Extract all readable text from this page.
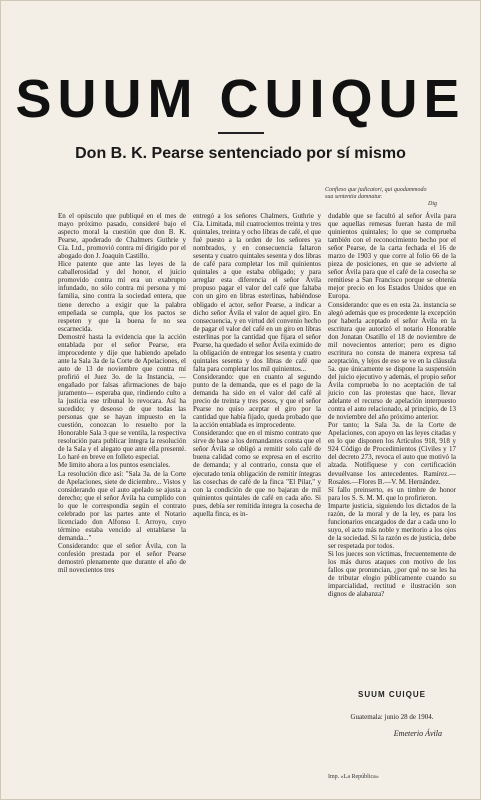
SUUM CUIQUE
Don B. K. Pearse sentenciado por sí mismo
Confieso que judicatori, qui quodammodo
sua sententia damnatur.
Dig

En el opúsculo que publiqué en el mes de mayo próximo pasado, consideré bajo el aspecto moral la cuestión que don B. K. Pearse, apoderado de Chalmers Guthrie y Cía. Ltd., promovió contra mí dirigido por el abogado don J. Joaquín Castillo.

Hice patente que ante las leyes de la caballerosidad y del honor, el juicio promovido contra mí era un exabrupto infundado, no sólo contra mi persona y mi familia, sino contra la sociedad entera, que tiene derecho a exigir que la palabra empeñada se cumpla, que los pactos se respeten y que la buena fe no sea escarnecida.

Demostré hasta la evidencia que la acción entablada por el señor Pearse, era improcedente y dije que habiendo apelado ante la Sala 3a de la Corte de Apelaciones, el auto de 13 de noviembre que contra mí profirió el Juez 3o. de la Instancia, —engañado por falsas afirmaciones de bajo juramento— esperaba que, rindiendo culto a la justicia ese tribunal lo revocara. Así ha sucedido; y deseoso de que todas las personas que se hayan impuesto en la cuestión, conozcan lo resuelto por la Honorable Sala 3 que se ventila, la respectiva resolución para publicar íntegra la resolución de la Sala y el alegato que ante ella presenté. Lo haré en breve en folleto especial.

Me limito ahora a los puntos esenciales.

La resolución dice así: "Sala 3a. de la Corte de Apelaciones, siete de diciembre... Vistos y considerando que el auto apelado se ajusta a derecho; que el señor Ávila ha cumplido con lo que le correspondía según el contrato celebrado por las partes ante el Notario licenciado don Alfonso I. Arroyo, cuyo término estaba vencido al entablarse la demanda..."

Considerando: que el señor Ávila, con la confesión prestada por el señor Pearse demostró plenamente que durante el año de mil novecientos tres

entregó a los señores Chalmers, Guthrie y Cía. Limitada, mil cuatrocientos treinta y tres quintales, treinta y ocho libras de café, el que fué puesto a la orden de los señores ya nombrados, y en consecuencia faltaron sesenta y cuatro quintales sesenta y dos libras de café para completar los mil quinientos quintales a que estaba obligado; y para arreglar esta diferencia el señor Ávila propuso pagar el valor del café que faltaba con un giro en libras esterlinas, habiéndose obligado el actor, señor Pearse, a indicar a dicho señor Ávila el valor de aquel giro. En consecuencia, y en virtud del convenio hecho de pagar el valor del café en un giro en libras esterlinas por la cantidad que fijara el señor Pearse, ha quedado el señor Ávila eximido de la obligación de entregar los sesenta y cuatro quintales sesenta y dos libras de café que falta para completar los mil quinientos...

Considerando: que en cuanto al segundo punto de la demanda, que es el pago de la demanda ha sido en el valor del café al precio de treinta y tres pesos, y que el señor Pearse no quiso aceptar el giro por la cantidad que había fijado, queda probado que la acción entablada es improcedente.

Considerando: que en el mismo contrato que sirve de base a los demandantes consta que el señor Ávila se obligó a remitir solo café de buena calidad como se expresa en el escrito de demanda; y al contrario, consta que el ejecutado tenía obligación de remitir íntegras las cosechas de café de la finca "El Pilar," y con la condición de que no bajaran de mil quinientos quintales de café en cada año. Si pues, debía ser remitida íntegra la cosecha de aquella finca, es in-

dudable que se facultó al señor Ávila para que aquellas remesas fueran hasta de mil quinientos quintales; lo que se comprueba también con el reconocimiento hecho por el señor Pearse, de la carta fechada el 16 de marzo de 1903 y que corre al folio 66 de la pieza de posiciones, en que se advierte al señor Ávila para que el café de la cosecha se remitiese a San Francisco porque se obtenía mejor precio en los Estados Unidos que en Europa.

Considerando: que es en esta 2a. instancia se alegó además que es procedente la excepción por haberla aceptado el señor Ávila en la escritura que autorizó el notario Honorable don Jonatan Osatillo el 18 de noviembre de mil novecientos anterior; pero es digno escritura no consta de manera expresa tal aceptación, y lejos de eso se ve en la cláusula 5a. que únicamente se dispone la suspensión del juicio ejecutivo y además, el propio señor Ávila comprueba lo no aceptación de tal juicio con las protestas que hace, llevar adelante el recurso de apelación interpuesto contra el auto relacionado, al principio, de 13 de noviembre del año próximo anterior.

Por tanto; la Sala 3a. de la Corte de Apelaciones, con apoyo en las leyes citadas y en lo que disponen los Artículos 918, 918 y 924 Código de Procedimientos (Civiles y 17 del decreto 273, revoca el auto que motivó la alzada. Notifíquese y con certificación devuélvanse los antecedentes. Ramírez.—Rosales.—Flores B.—V. M. Hernández.

Sí fallo preinserto, es un timbre de honor para los S. S. M. M. que lo profirieron.

Imparte justicia, siguiendo los dictados de la razón, de la moral y de la ley, es para los funcionarios encargados de dar a cada uno lo suyo, el acto más noble y meritorio a los ojos de la sociedad. Si la razón es de justicia, debe ser respetada por todos.

Si los jueces son víctimas, frecuentemente de los más duros ataques con motivo de los fallos que pronuncian, ¿por qué no se les ha de tributar elogio públicamente cuando su imparcialidad, rectitud e ilustración son dignos de alabanza?

SUUM CUIQUE
Guatemala: junio 28 de 1904.
Emeterio Ávila
Imp. «La República»
